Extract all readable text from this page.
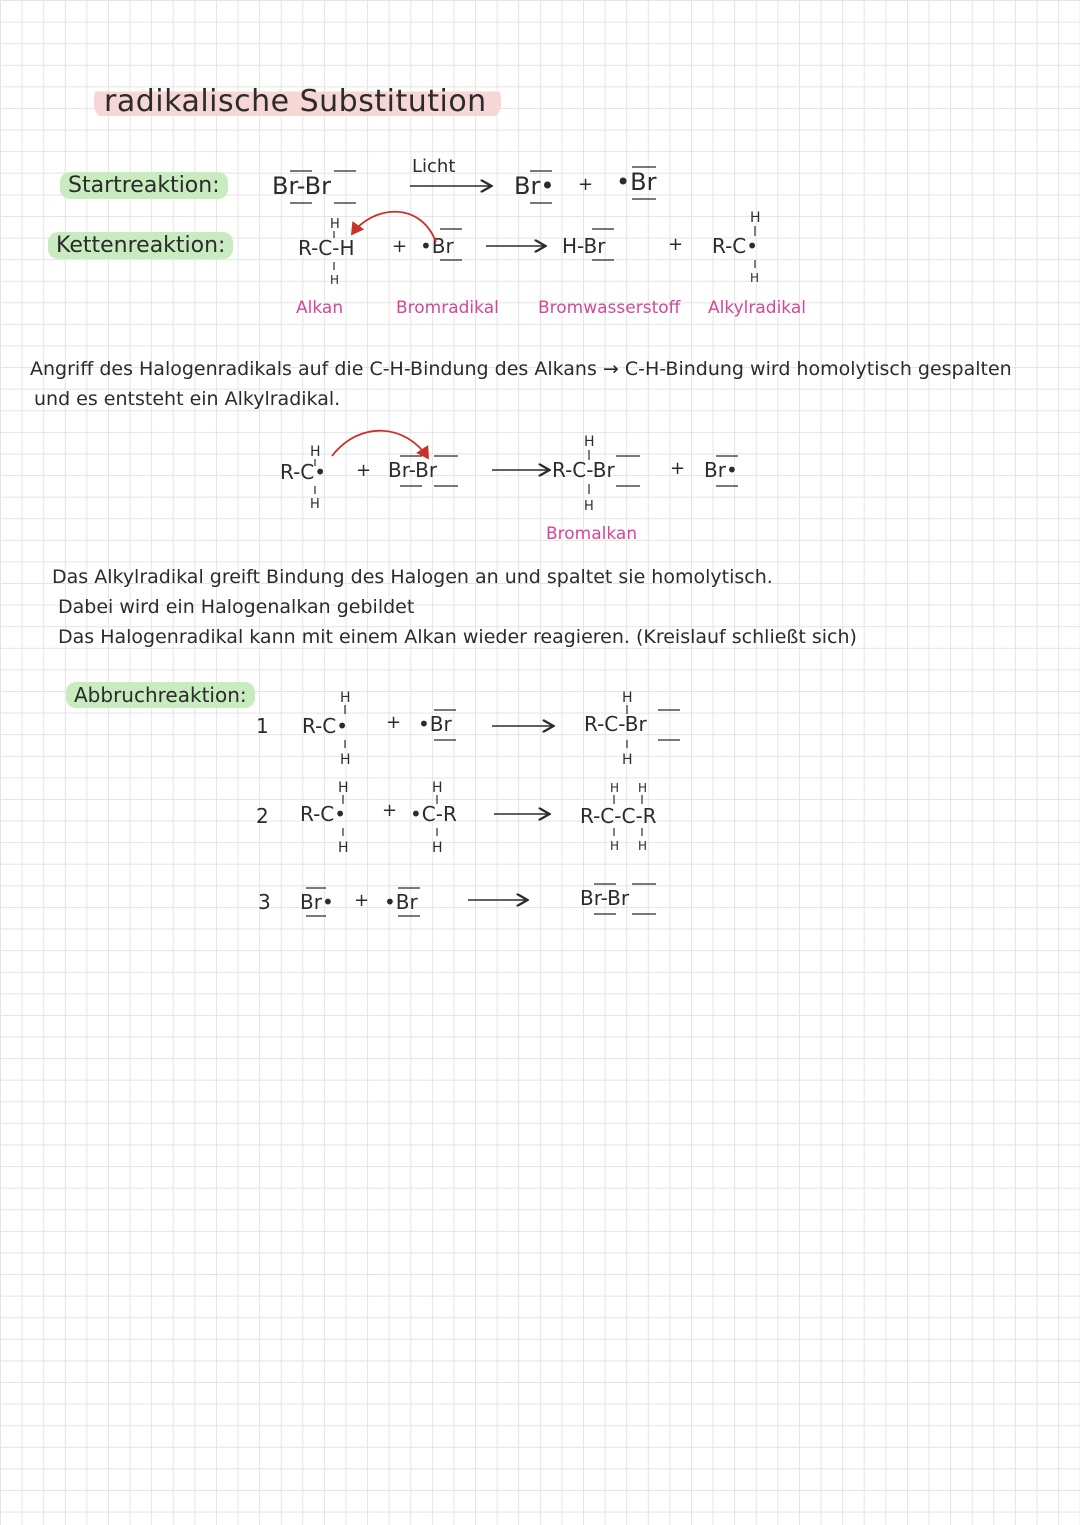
radikalische Substitution
Startreaktion:
Kettenreaktion:
Abbruchreaktion:
Br-Br
Licht
Br• + •Br
R-C-H + •Br	H-Br	+ R-C•
Alkan	Bromradikal Bromwasserstoff Alkylradikal
Angriff des Halogenradikals auf die C-H-Bindung des Alkans → C-H-Bindung wird homolytisch gespalten
und es entsteht ein Alkylradikal.
R-C• + Br-Br	R-C-Br	+ Br•
Bromalkan
Das Alkylradikal greift Bindung des Halogen an und spaltet sie homolytisch.
Dabei wird ein Halogenalkan gebildet
Das Halogenradikal kann mit einem Alkan wieder reagieren. (Kreislauf schließt sich)
1 R-C• + •Br	R-C-Br
2 R-C• + •C-R	R-C-C-R
3 Br• + •Br	Br-Br
H
H
H
H
H
H
H
H
H
H
H
H
H
H
H
H
H H
H H
